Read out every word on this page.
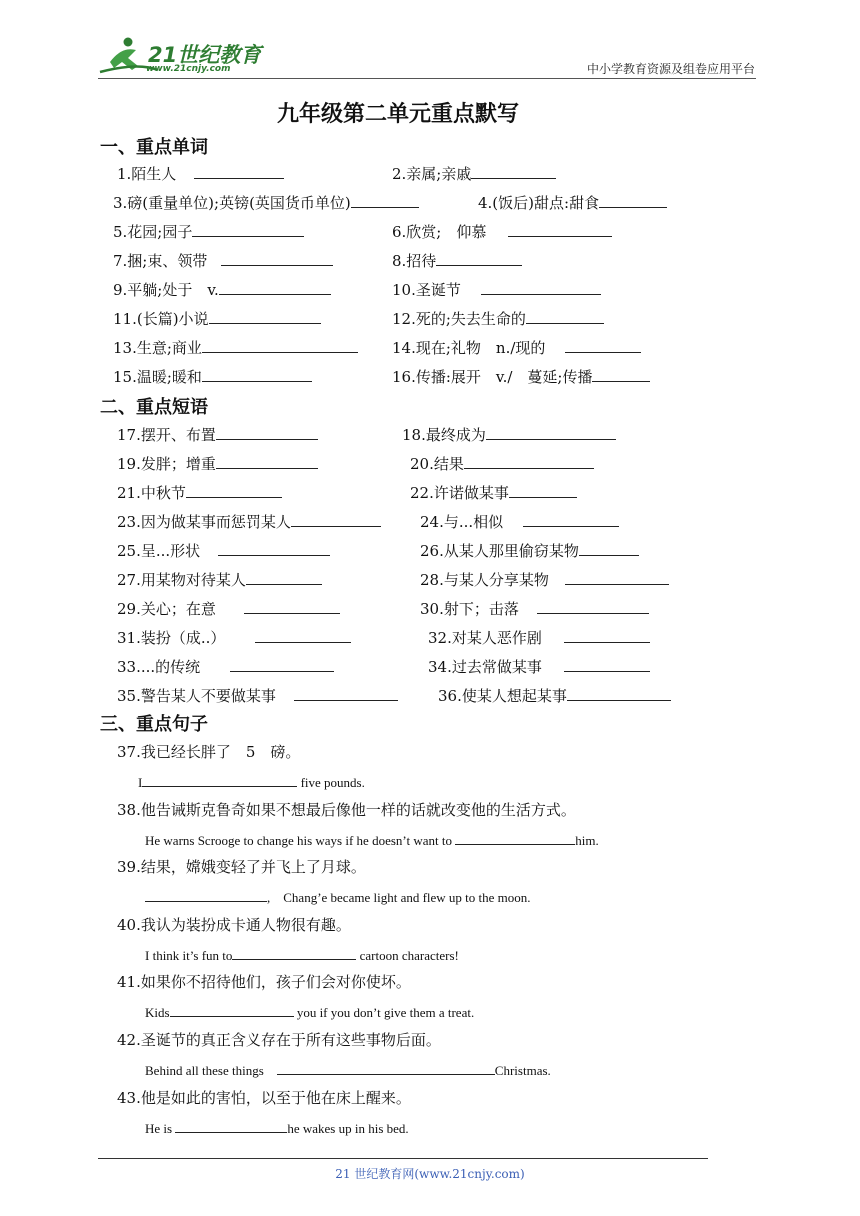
21世纪教育
www.21cnjy.com	中小学教育资源及组卷应用平台
九年级第二单元重点默写
一、重点单词
二、重点短语
三、重点句子
1.陌生人	2.亲属;亲戚
3.磅(重量单位);英镑(英国货币单位)	4.(饭后)甜点:甜食
5.花园;园子	6.欣赏;　仰慕
7.捆;束、领带	8.招待
9.平躺;处于　v.	10.圣诞节
11.(长篇)小说	12.死的;失去生命的
13.生意;商业	14.现在;礼物　n./现的
15.温暖;暖和	16.传播:展开　v./　蔓延;传播
17.摆开、布置	18.最终成为
19.发胖；增重	20.结果
21.中秋节	22.许诺做某事
23.因为做某事而惩罚某人	24.与...相似
25.呈...形状	26.从某人那里偷窃某物
27.用某物对待某人	28.与某人分享某物
29.关心；在意	30.射下；击落
31.装扮（成..）	32.对某人恶作剧
33....的传统	34.过去常做某事
35.警告某人不要做某事	36.使某人想起某事
37.我已经长胖了　5　磅。
I	five pounds.
38.他告诫斯克鲁奇如果不想最后像他一样的话就改变他的生活方式。
He warns Scrooge to change his ways if he doesn’t want to	him.
39.结果，嫦娥变轻了并飞上了月球。
,　Chang’e became light and flew up to the moon.
40.我认为装扮成卡通人物很有趣。
I think it’s fun to	cartoon characters!
41.如果你不招待他们，孩子们会对你使坏。
Kids	you if you don’t give them a treat.
42.圣诞节的真正含义存在于所有这些事物后面。
Behind all these things　	Christmas.
43.他是如此的害怕，以至于他在床上醒来。
He is	he wakes up in his bed.
21 世纪教育网(www.21cnjy.com)
